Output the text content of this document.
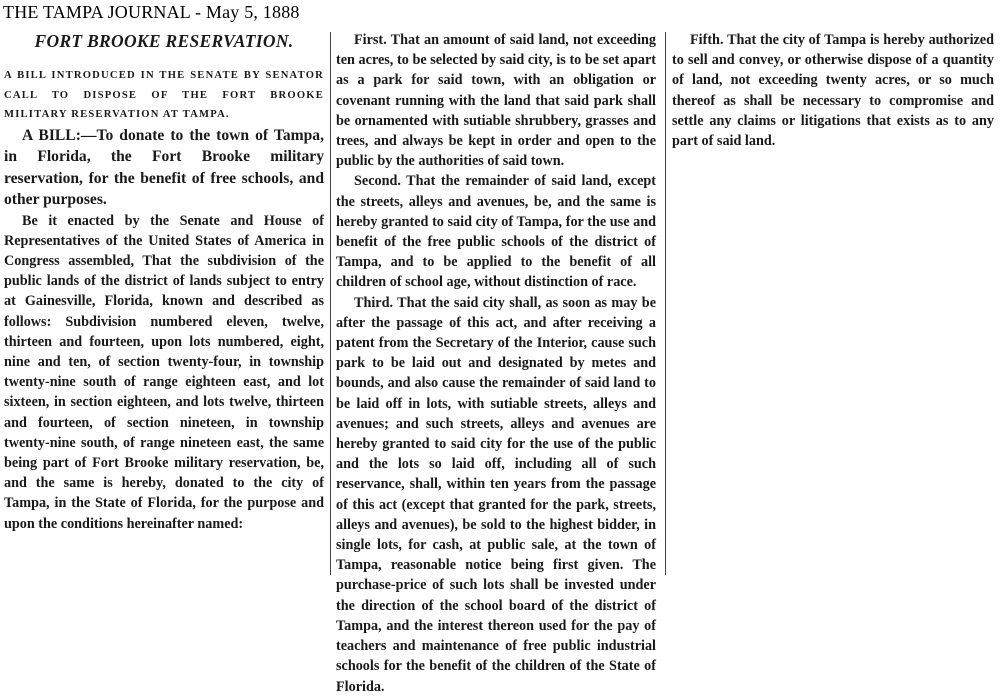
THE TAMPA JOURNAL - May 5, 1888
FORT BROOKE RESERVATION.

A BILL INTRODUCED IN THE SENATE BY SENATOR CALL TO DISPOSE OF THE FORT BROOKE MILITARY RESERVATION AT TAMPA.

A BILL:—To donate to the town of Tampa, in Florida, the Fort Brooke military reservation, for the benefit of free schools, and other purposes.

Be it enacted by the Senate and House of Representatives of the United States of America in Congress assembled, That the subdivision of the public lands of the district of lands subject to entry at Gainesville, Florida, known and described as follows: Subdivision numbered eleven, twelve, thirteen and fourteen, upon lots numbered, eight, nine and ten, of section twenty-four, in township twenty-nine south of range eighteen east, and lot sixteen, in section eighteen, and lots twelve, thirteen and fourteen, of section nineteen, in township twenty-nine south, of range nineteen east, the same being part of Fort Brooke military reservation, be, and the same is hereby, donated to the city of Tampa, in the State of Florida, for the purpose and upon the conditions hereinafter named:

First. That an amount of said land, not exceeding ten acres, to be selected by said city, is to be set apart as a park for said town, with an obligation or covenant running with the land that said park shall be ornamented with sutiable shrubbery, grasses and trees, and always be kept in order and open to the public by the authorities of said town.

Second. That the remainder of said land, except the streets, alleys and avenues, be, and the same is hereby granted to said city of Tampa, for the use and benefit of the free public schools of the district of Tampa, and to be applied to the benefit of all children of school age, without distinction of race.

Third. That the said city shall, as soon as may be after the passage of this act, and after receiving a patent from the Secretary of the Interior, cause such park to be laid out and designated by metes and bounds, and also cause the remainder of said land to be laid off in lots, with sutiable streets, alleys and avenues; and such streets, alleys and avenues are hereby granted to said city for the use of the public and the lots so laid off, including all of such reservance, shall, within ten years from the passage of this act (except that granted for the park, streets, alleys and avenues), be sold to the highest bidder, in single lots, for cash, at public sale, at the town of Tampa, reasonable notice being first given. The purchase-price of such lots shall be invested under the direction of the school board of the district of Tampa, and the interest thereon used for the pay of teachers and maintenance of free public industrial schools for the benefit of the children of the State of Florida.

Fifth. That the city of Tampa is hereby authorized to sell and convey, or otherwise dispose of a quantity of land, not exceeding twenty acres, or so much thereof as shall be necessary to compromise and settle any claims or litigations that exists as to any part of said land.
